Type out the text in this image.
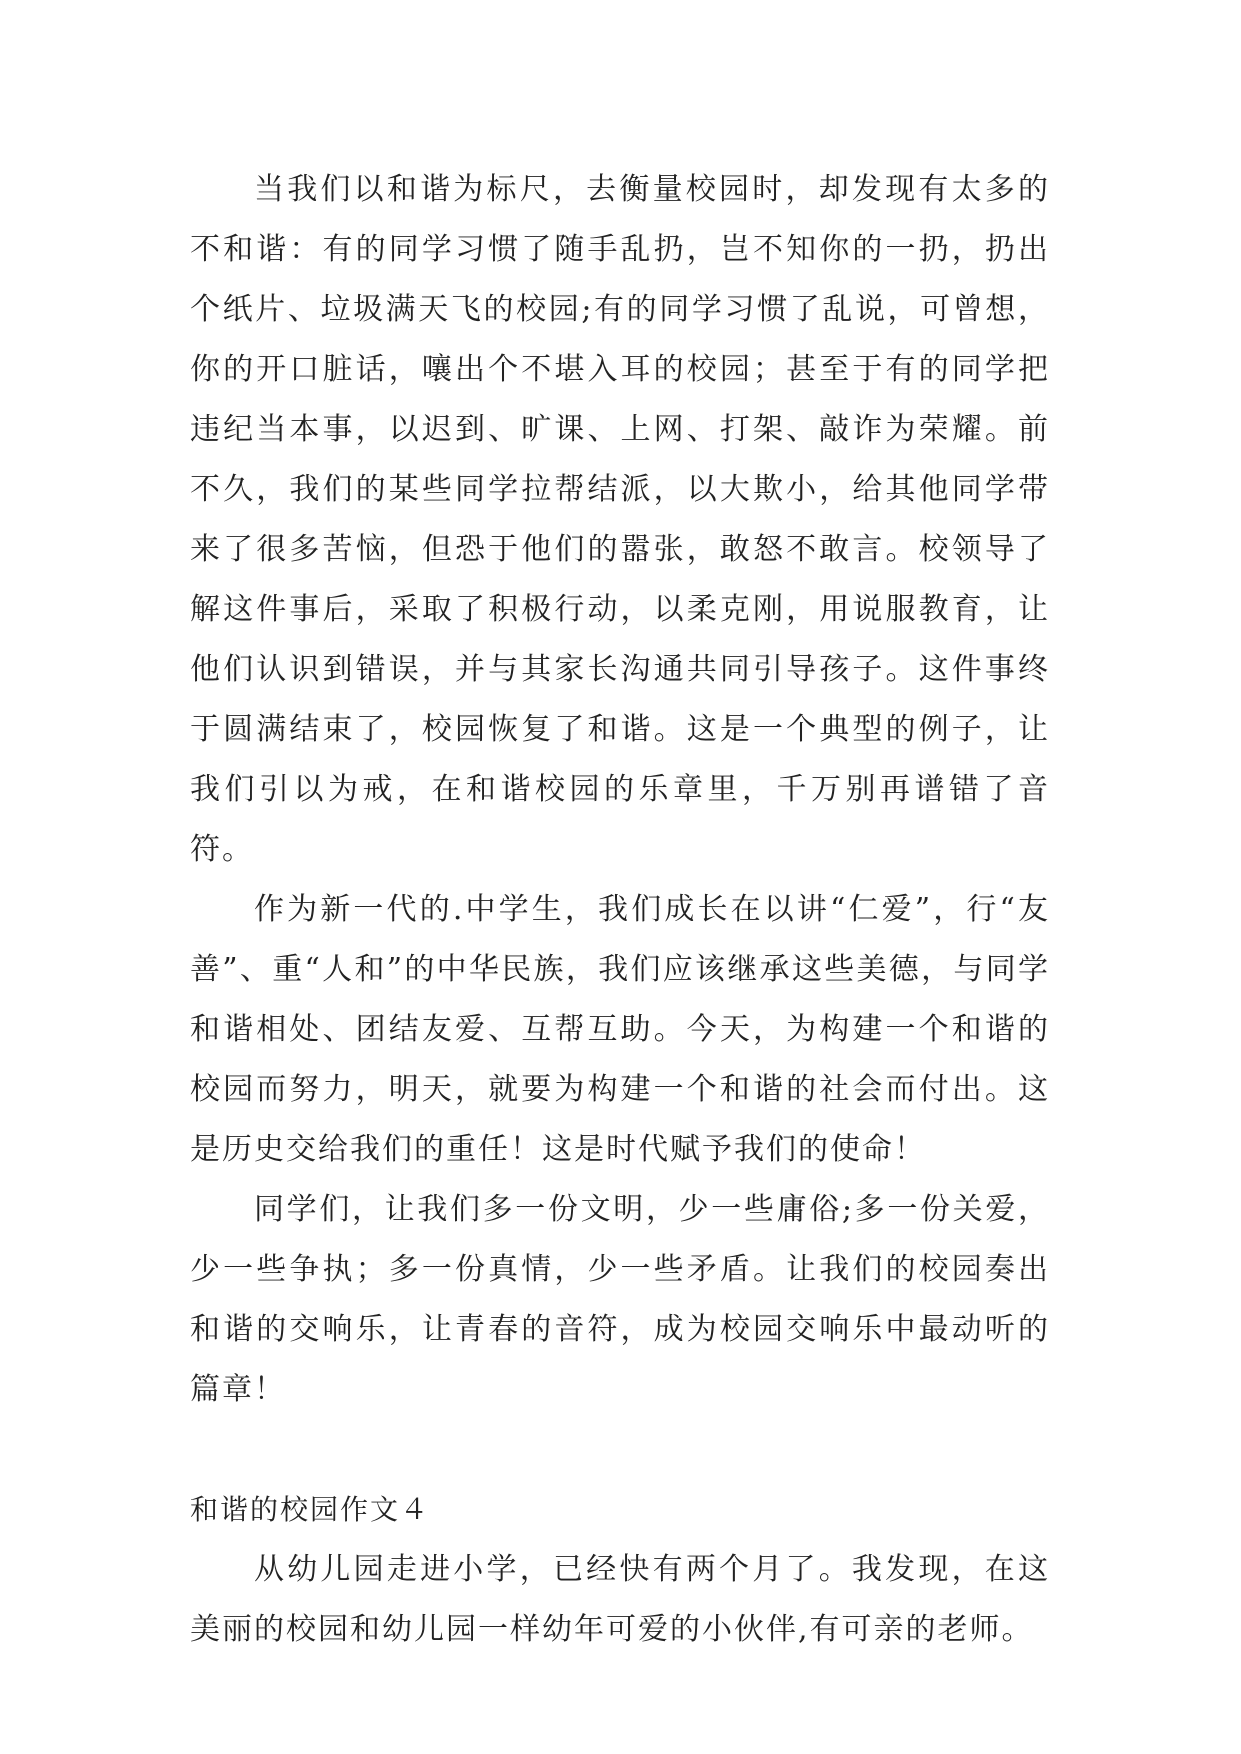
当我们以和谐为标尺，去衡量校园时，却发现有太多的不和谐：有的同学习惯了随手乱扔，岂不知你的一扔，扔出个纸片、垃圾满天飞的校园;有的同学习惯了乱说，可曾想，你的开口脏话，嚷出个不堪入耳的校园；甚至于有的同学把违纪当本事，以迟到、旷课、上网、打架、敲诈为荣耀。前不久，我们的某些同学拉帮结派，以大欺小，给其他同学带来了很多苦恼，但恐于他们的嚣张，敢怒不敢言。校领导了解这件事后，采取了积极行动，以柔克刚，用说服教育，让他们认识到错误，并与其家长沟通共同引导孩子。这件事终于圆满结束了，校园恢复了和谐。这是一个典型的例子，让我们引以为戒，在和谐校园的乐章里，千万别再谱错了音符。

作为新一代的.中学生，我们成长在以讲“仁爱”，行“友善”、重“人和”的中华民族，我们应该继承这些美德，与同学和谐相处、团结友爱、互帮互助。今天，为构建一个和谐的校园而努力，明天，就要为构建一个和谐的社会而付出。这是历史交给我们的重任！这是时代赋予我们的使命！

同学们，让我们多一份文明，少一些庸俗;多一份关爱，少一些争执；多一份真情，少一些矛盾。让我们的校园奏出和谐的交响乐，让青春的音符，成为校园交响乐中最动听的篇章！

和谐的校园作文４

从幼儿园走进小学，已经快有两个月了。我发现，在这美丽的校园和幼儿园一样幼年可爱的小伙伴,有可亲的老师。
